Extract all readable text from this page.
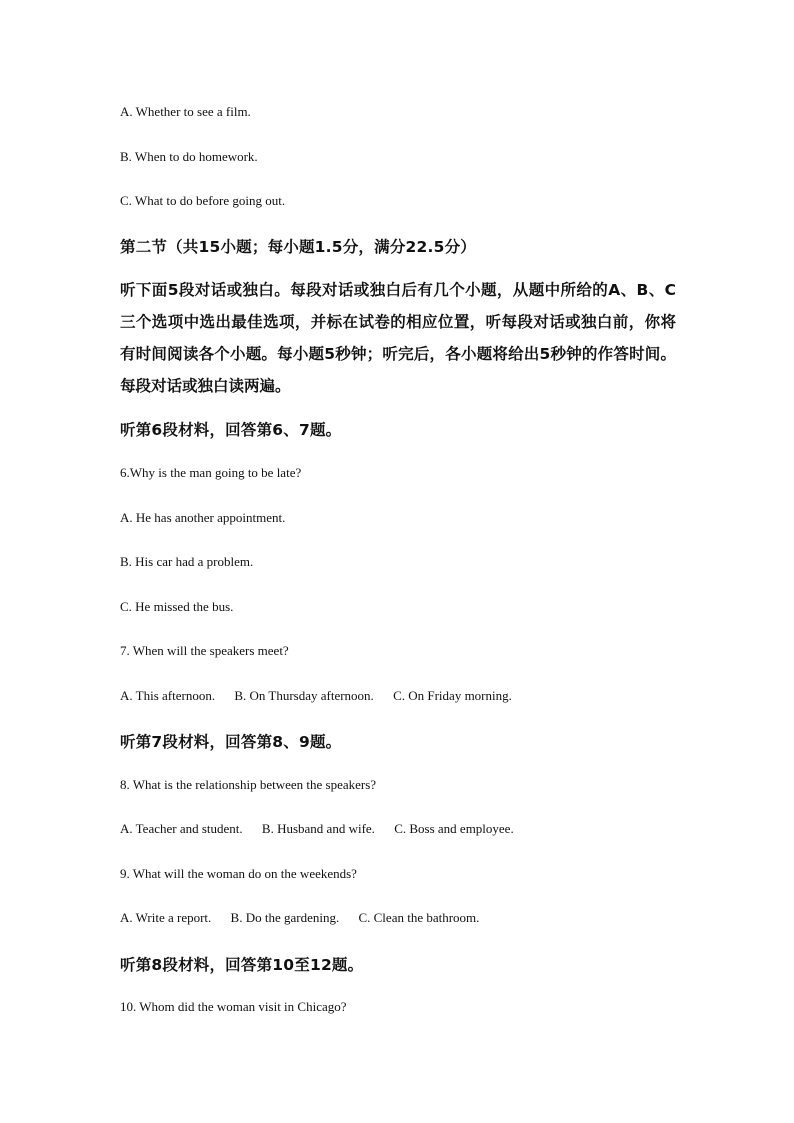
A. Whether to see a film.
B. When to do homework.
C. What to do before going out.
第二节（共15小题；每小题1.5分，满分22.5分）
听下面5段对话或独白。每段对话或独白后有几个小题，从题中所给的A、B、C三个选项中选出最佳选项，并标在试卷的相应位置，听每段对话或独白前，你将有时间阅读各个小题。每小题5秒钟；听完后，各小题将给出5秒钟的作答时间。每段对话或独白读两遍。
听第6段材料，回答第6、7题。
6.Why is the man going to be late?
A. He has another appointment.
B. His car had a problem.
C. He missed the bus.
7. When will the speakers meet?
A. This afternoon. B. On Thursday afternoon. C. On Friday morning.
听第7段材料，回答第8、9题。
8. What is the relationship between the speakers?
A. Teacher and student. B. Husband and wife. C. Boss and employee.
9. What will the woman do on the weekends?
A. Write a report. B. Do the gardening. C. Clean the bathroom.
听第8段材料，回答第10至12题。
10. Whom did the woman visit in Chicago?
